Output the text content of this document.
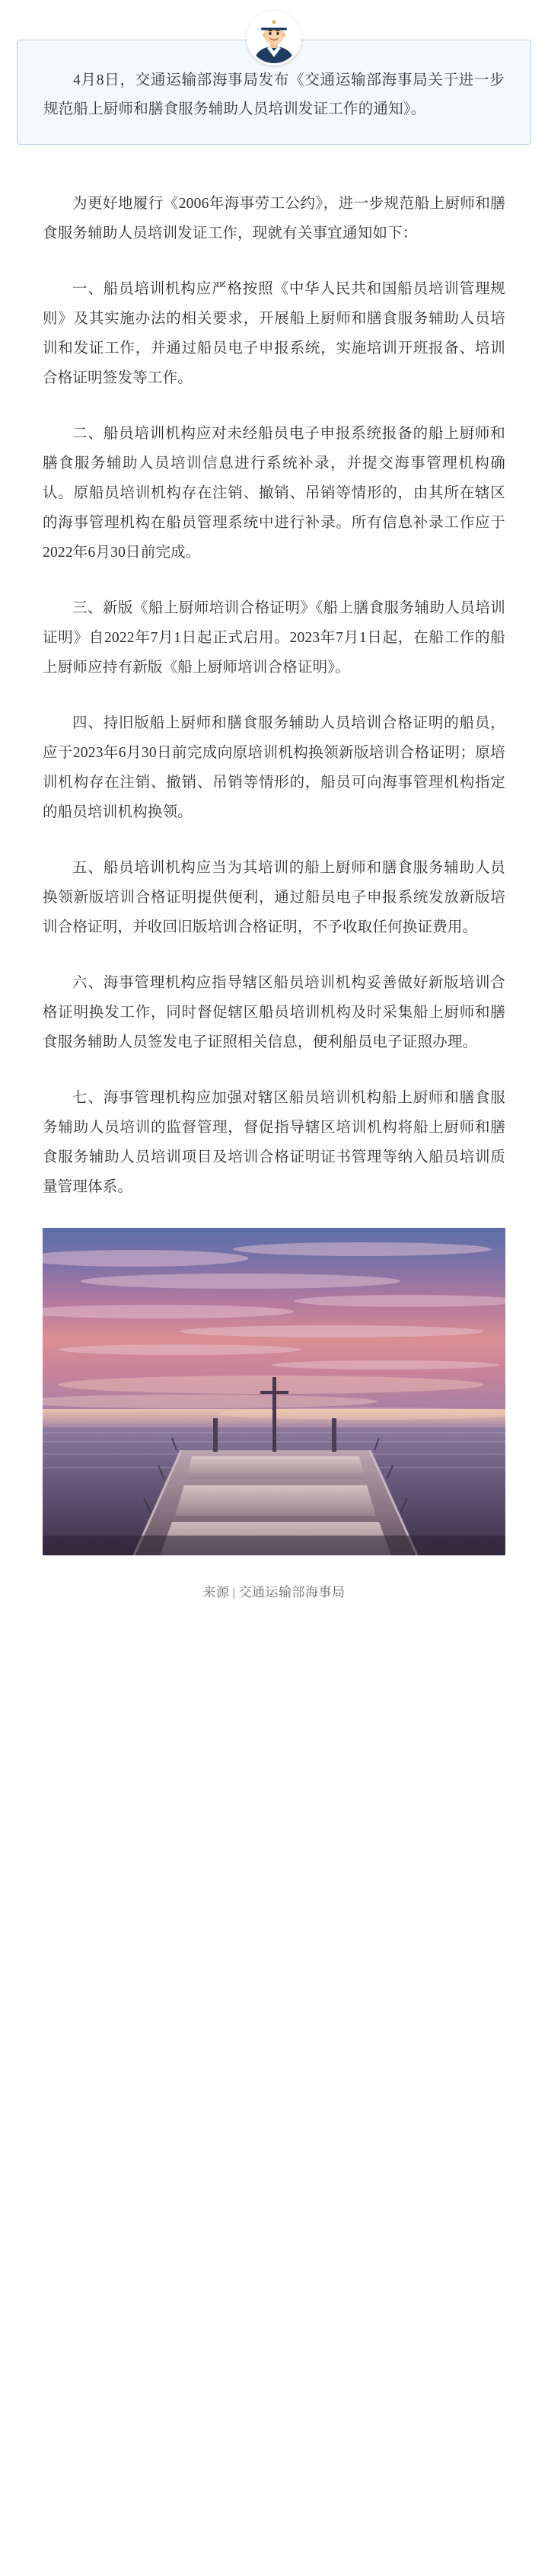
4月8日，交通运输部海事局发布《交通运输部海事局关于进一步规范船上厨师和膳食服务辅助人员培训发证工作的通知》。

为更好地履行《2006年海事劳工公约》，进一步规范船上厨师和膳食服务辅助人员培训发证工作，现就有关事宜通知如下：

一、船员培训机构应严格按照《中华人民共和国船员培训管理规则》及其实施办法的相关要求，开展船上厨师和膳食服务辅助人员培训和发证工作，并通过船员电子申报系统，实施培训开班报备、培训合格证明签发等工作。

二、船员培训机构应对未经船员电子申报系统报备的船上厨师和膳食服务辅助人员培训信息进行系统补录，并提交海事管理机构确认。原船员培训机构存在注销、撤销、吊销等情形的，由其所在辖区的海事管理机构在船员管理系统中进行补录。所有信息补录工作应于2022年6月30日前完成。

三、新版《船上厨师培训合格证明》《船上膳食服务辅助人员培训证明》自2022年7月1日起正式启用。2023年7月1日起，在船工作的船上厨师应持有新版《船上厨师培训合格证明》。

四、持旧版船上厨师和膳食服务辅助人员培训合格证明的船员，应于2023年6月30日前完成向原培训机构换领新版培训合格证明；原培训机构存在注销、撤销、吊销等情形的，船员可向海事管理机构指定的船员培训机构换领。

五、船员培训机构应当为其培训的船上厨师和膳食服务辅助人员换领新版培训合格证明提供便利，通过船员电子申报系统发放新版培训合格证明，并收回旧版培训合格证明，不予收取任何换证费用。

六、海事管理机构应指导辖区船员培训机构妥善做好新版培训合格证明换发工作，同时督促辖区船员培训机构及时采集船上厨师和膳食服务辅助人员签发电子证照相关信息，便利船员电子证照办理。

七、海事管理机构应加强对辖区船员培训机构船上厨师和膳食服务辅助人员培训的监督管理，督促指导辖区培训机构将船上厨师和膳食服务辅助人员培训项目及培训合格证明证书管理等纳入船员培训质量管理体系。

来源 | 交通运输部海事局
